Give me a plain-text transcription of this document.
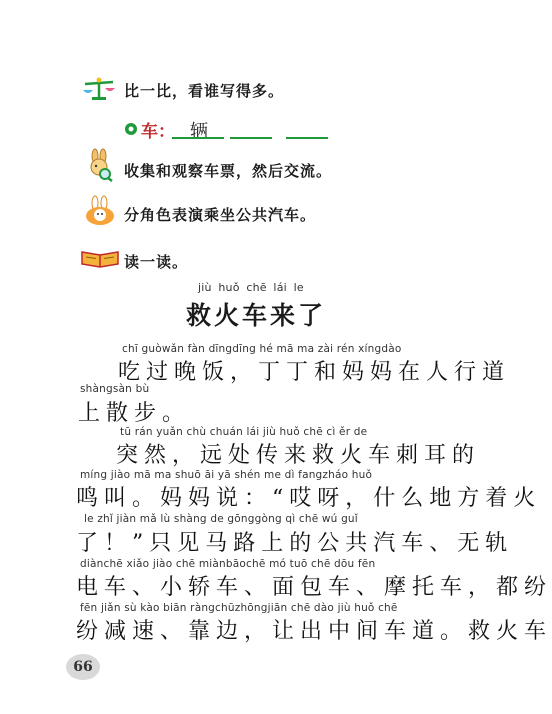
比一比，看谁写得多。
车： 辆
收集和观察车票，然后交流。
分角色表演乘坐公共汽车。
读一读。
jiù huǒ chē lái le
救火车来了
chī guòwǎn fàn dīngdīng hé mā ma zài rén xíngdào
吃过晚饭，丁丁和妈妈在人行道
shàngsàn bù
上散步。
tū rán yuǎn chù chuán lái jiù huǒ chē cì ěr de
突然，远处传来救火车刺耳的
míng jiào mā ma shuō āi yā shén me dì fangzháo huǒ
鸣叫。妈妈说：“哎呀，什么地方着火
le zhǐ jiàn mǎ lù shàng de gōnggòng qì chē wú guǐ
了！”只见马路上的公共汽车、无轨
diànchē xiǎo jiào chē miànbāochē mó tuō chē dōu fēn
电车、小轿车、面包车、摩托车，都纷
fēn jiǎn sù kào biān ràngchūzhōngjiān chē dào jiù huǒ chē
纷减速、靠边，让出中间车道。救火车
66
